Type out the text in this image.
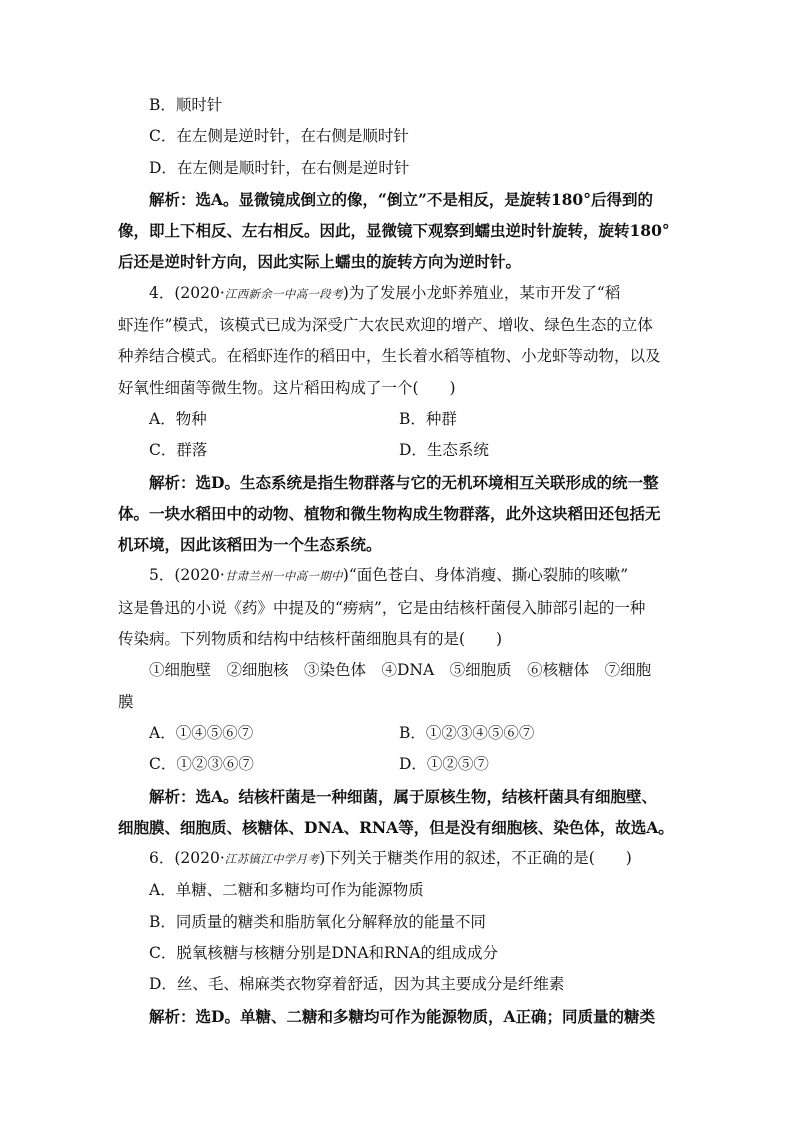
B．顺时针
C．在左侧是逆时针，在右侧是顺时针
D．在左侧是顺时针，在右侧是逆时针
解析：选A。显微镜成倒立的像，“倒立”不是相反，是旋转180°后得到的
像，即上下相反、左右相反。因此，显微镜下观察到蠕虫逆时针旋转，旋转180°
后还是逆时针方向，因此实际上蠕虫的旋转方向为逆时针。
4．(2020·江西新余一中高一段考)为了发展小龙虾养殖业，某市开发了“稻
虾连作”模式，该模式已成为深受广大农民欢迎的增产、增收、绿色生态的立体
种养结合模式。在稻虾连作的稻田中，生长着水稻等植物、小龙虾等动物，以及
好氧性细菌等微生物。这片稻田构成了一个(　　)
A．物种	B．种群
C．群落	D．生态系统
解析：选D。生态系统是指生物群落与它的无机环境相互关联形成的统一整
体。一块水稻田中的动物、植物和微生物构成生物群落，此外这块稻田还包括无
机环境，因此该稻田为一个生态系统。
5．(2020·甘肃兰州一中高一期中)“面色苍白、身体消瘦、撕心裂肺的咳嗽”
这是鲁迅的小说《药》中提及的“痨病”，它是由结核杆菌侵入肺部引起的一种
传染病。下列物质和结构中结核杆菌细胞具有的是(　　)
①细胞壁　②细胞核　③染色体　④DNA　⑤细胞质　⑥核糖体　⑦细胞
膜
A．①④⑤⑥⑦	B．①②③④⑤⑥⑦
C．①②③⑥⑦	D．①②⑤⑦
解析：选A。结核杆菌是一种细菌，属于原核生物，结核杆菌具有细胞壁、
细胞膜、细胞质、核糖体、DNA、RNA等，但是没有细胞核、染色体，故选A。
6．(2020·江苏镇江中学月考)下列关于糖类作用的叙述，不正确的是(　　)
A．单糖、二糖和多糖均可作为能源物质
B．同质量的糖类和脂肪氧化分解释放的能量不同
C．脱氧核糖与核糖分别是DNA和RNA的组成成分
D．丝、毛、棉麻类衣物穿着舒适，因为其主要成分是纤维素
解析：选D。单糖、二糖和多糖均可作为能源物质，A正确；同质量的糖类
